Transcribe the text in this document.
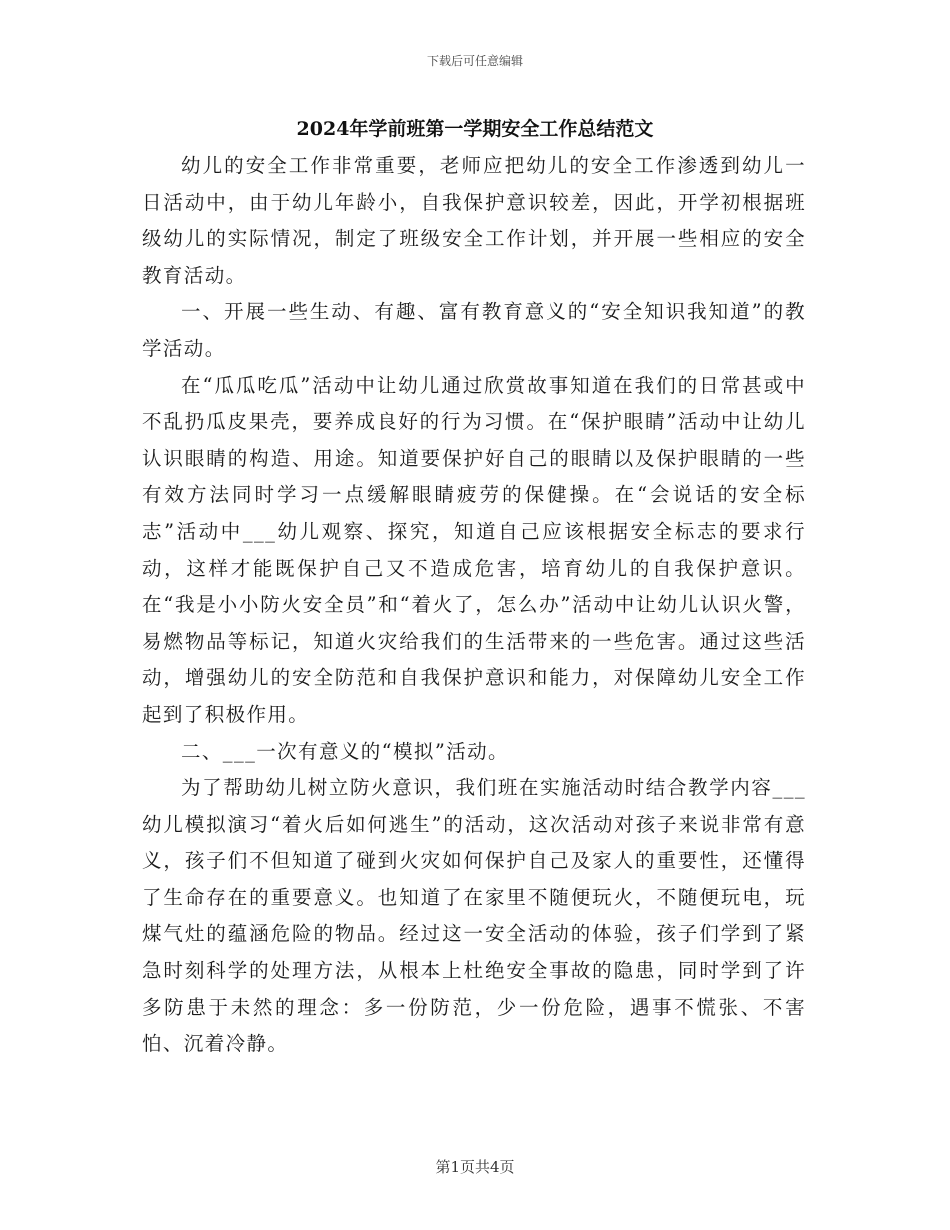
下载后可任意编辑
2024年学前班第一学期安全工作总结范文

幼儿的安全工作非常重要，老师应把幼儿的安全工作渗透到幼儿一日活动中，由于幼儿年龄小，自我保护意识较差，因此，开学初根据班级幼儿的实际情况，制定了班级安全工作计划，并开展一些相应的安全教育活动。

一、开展一些生动、有趣、富有教育意义的“安全知识我知道”的教学活动。

在“瓜瓜吃瓜”活动中让幼儿通过欣赏故事知道在我们的日常甚或中不乱扔瓜皮果壳，要养成良好的行为习惯。在“保护眼睛”活动中让幼儿认识眼睛的构造、用途。知道要保护好自己的眼睛以及保护眼睛的一些有效方法同时学习一点缓解眼睛疲劳的保健操。在“会说话的安全标志”活动中___幼儿观察、探究，知道自己应该根据安全标志的要求行动，这样才能既保护自己又不造成危害，培育幼儿的自我保护意识。在“我是小小防火安全员”和“着火了，怎么办”活动中让幼儿认识火警，易燃物品等标记，知道火灾给我们的生活带来的一些危害。通过这些活动，增强幼儿的安全防范和自我保护意识和能力，对保障幼儿安全工作起到了积极作用。

二、___一次有意义的“模拟”活动。

为了帮助幼儿树立防火意识，我们班在实施活动时结合教学内容___幼儿模拟演习“着火后如何逃生”的活动，这次活动对孩子来说非常有意义，孩子们不但知道了碰到火灾如何保护自己及家人的重要性，还懂得了生命存在的重要意义。也知道了在家里不随便玩火，不随便玩电，玩煤气灶的蕴涵危险的物品。经过这一安全活动的体验，孩子们学到了紧急时刻科学的处理方法，从根本上杜绝安全事故的隐患，同时学到了许多防患于未然的理念：多一份防范，少一份危险，遇事不慌张、不害怕、沉着冷静。

第1页共4页
